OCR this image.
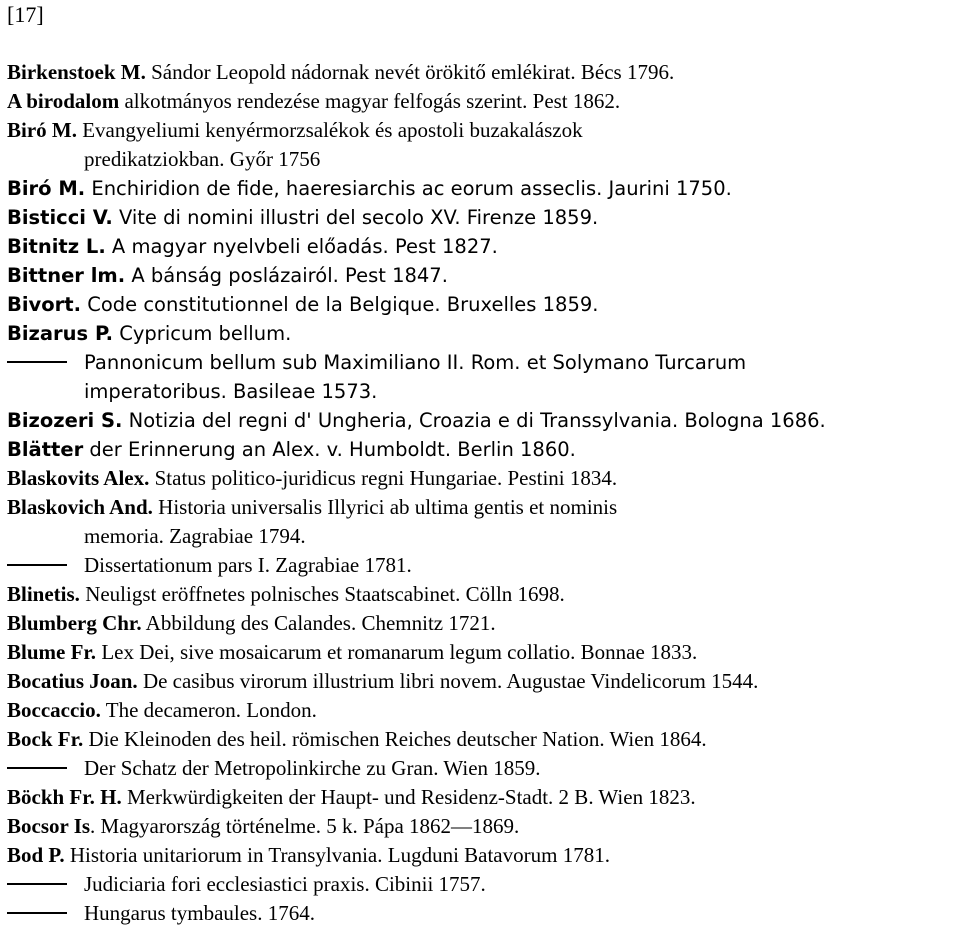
[17]

Birkenstoek M. Sándor Leopold nádornak nevét örökitő emlékirat. Bécs 1796.

A birodalom alkotmányos rendezése magyar felfogás szerint. Pest 1862.

Biró M. Evangyeliumi kenyérmorzsalékok és apostoli buzakalászok
predikatziokban. Győr 1756

Biró M. Enchiridion de fide, haeresiarchis ac eorum asseclis. Jaurini 1750.

Bisticci V. Vite di nomini illustri del secolo XV. Firenze 1859.

Bitnitz L. A magyar nyelvbeli előadás. Pest 1827.

Bittner lm. A bánság poslázairól. Pest 1847.

Bivort. Code constitutionnel de la Belgique. Bruxelles 1859.

Bizarus P. Cypricum bellum.

Pannonicum bellum sub Maximiliano II. Rom. et Solymano Turcarum
imperatoribus. Basileae 1573.

Bizozeri S. Notizia del regni d' Ungheria, Croazia e di Transsylvania. Bologna 1686.

Blätter der Erinnerung an Alex. v. Humboldt. Berlin 1860.

Blaskovits Alex. Status politico-juridicus regni Hungariae. Pestini 1834.

Blaskovich And. Historia universalis Illyrici ab ultima gentis et nominis
memoria. Zagrabiae 1794.

Dissertationum pars I. Zagrabiae 1781.

Blinetis. Neuligst eröffnetes polnisches Staatscabinet. Cölln 1698.

Blumberg Chr. Abbildung des Calandes. Chemnitz 1721.

Blume Fr. Lex Dei, sive mosaicarum et romanarum legum collatio. Bonnae 1833.

Bocatius Joan. De casibus virorum illustrium libri novem. Augustae Vindelicorum 1544.

Boccaccio. The decameron. London.

Bock Fr. Die Kleinoden des heil. römischen Reiches deutscher Nation. Wien 1864.

Der Schatz der Metropolinkirche zu Gran. Wien 1859.

Böckh Fr. H. Merkwürdigkeiten der Haupt- und Residenz-Stadt. 2 B. Wien 1823.

Bocsor Is. Magyarország történelme. 5 k. Pápa 1862—1869.

Bod P. Historia unitariorum in Transylvania. Lugduni Batavorum 1781.

Judiciaria fori ecclesiastici praxis. Cibinii 1757.

Hungarus tymbaules. 1764.
